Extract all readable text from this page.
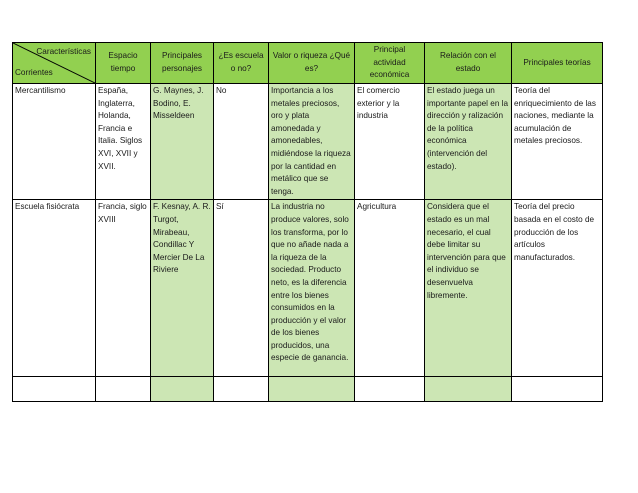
Características
Corrientes	Espacio tiempo	Principales personajes	¿Es escuela o no?	Valor o riqueza ¿Qué es?	Principal actividad económica	Relación con el estado	Principales teorías
Mercantilismo	España, Inglaterra, Holanda, Francia e Italia. Siglos XVI, XVII y XVII.	G. Maynes, J. Bodino, E. Misseldeen	No	Importancia a los metales preciosos, oro y plata amonedada y amonedables, midiéndose la riqueza por la cantidad en metálico que se tenga.	El comercio exterior y la industria	El estado juega un importante papel en la dirección y ralización de la política económica (intervención del estado).	Teoría del enriquecimiento de las naciones, mediante la acumulación de metales preciosos.
Escuela fisiócrata	Francia, siglo XVIII	F. Kesnay, A. R. Turgot, Mirabeau, Condillac Y Mercier De La Riviere	Sí	La industria no produce valores, solo los transforma, por lo que no añade nada a la riqueza de la sociedad. Producto neto, es la diferencia entre los bienes consumidos en la producción y el valor de los bienes producidos, una especie de ganancia.	Agricultura	Considera que el estado es un mal necesario, el cual debe limitar su intervención para que el individuo se desenvuelva libremente.	Teoría del precio basada en el costo de producción de los artículos manufacturados.
